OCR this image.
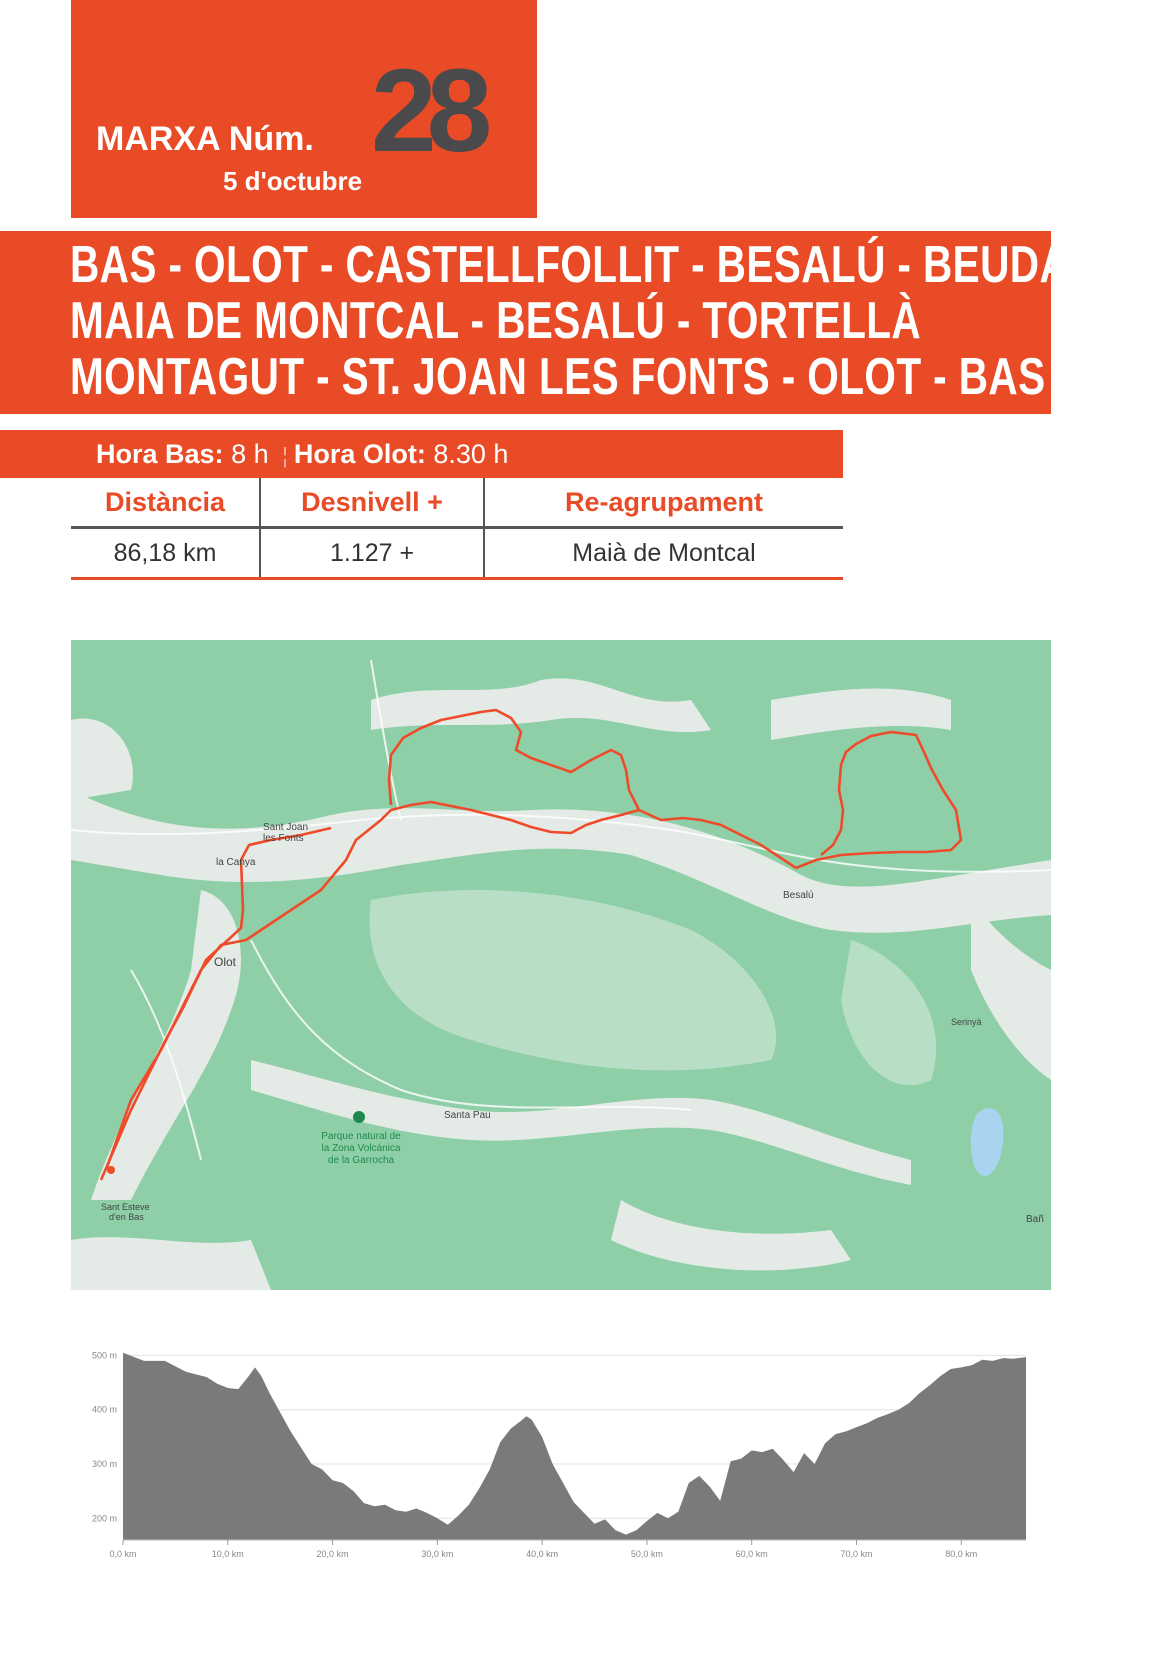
28
MARXA Núm.
5 d'octubre
BAS - OLOT - CASTELLFOLLIT - BESALÚ - BEUDA
MAIA DE MONTCAL - BESALÚ - TORTELLÀ
MONTAGUT - ST. JOAN LES FONTS - OLOT - BAS
Hora Bas: 8 h ¦ Hora Olot: 8.30 h
Distància	Desnivell +	Re-agrupament
86,18 km	1.127 +	Maià de Montcal
Sant Joan
les Fonts
la Canya
Olot
Besalú
Santa Pau
Serinyà
Bañ
Sant Esteve
d'en Bas
Parque natural de
la Zona Volcánica
de la Garrocha
0,0 km	10,0 km	20,0 km	30,0 km	40,0 km	50,0 km	60,0 km	70,0 km	80,0 km
200 m
300 m
400 m
500 m
